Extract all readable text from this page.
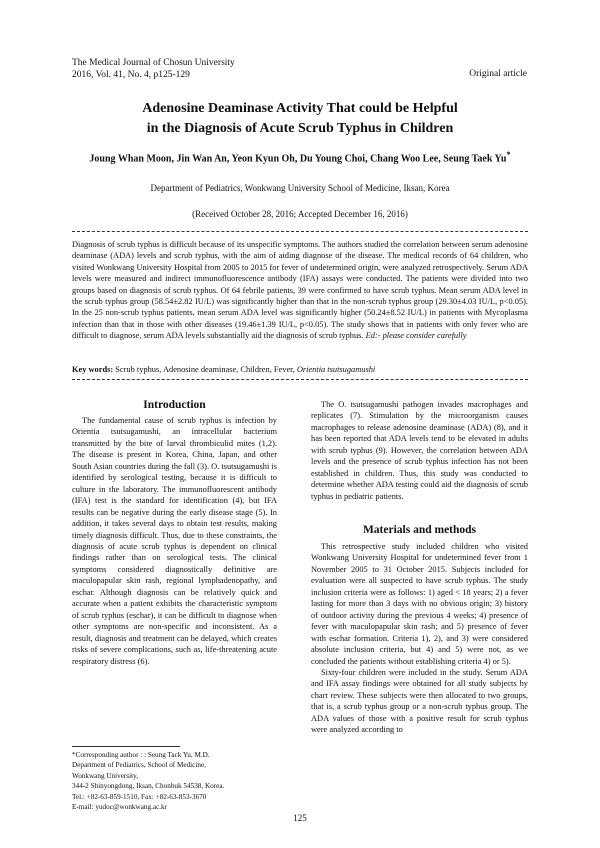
The Medical Journal of Chosun University
2016, Vol. 41, No. 4, p125-129	Original article
Adenosine Deaminase Activity That could be Helpful
in the Diagnosis of Acute Scrub Typhus in Children
Joung Whan Moon, Jin Wan An, Yeon Kyun Oh, Du Young Choi, Chang Woo Lee, Seung Taek Yu*
Department of Pediatrics, Wonkwang University School of Medicine, Iksan, Korea
(Received October 28, 2016; Accepted December 16, 2016)
Diagnosis of scrub typhus is difficult because of its unspecific symptoms. The authors studied the correlation between serum adenosine deaminase (ADA) levels and scrub typhus, with the aim of aiding diagnose of the disease. The medical records of 64 children, who visited Wonkwang University Hospital from 2005 to 2015 for fever of undetermined origin, were analyzed retrospectively. Serum ADA levels were measured and indirect immunofluorescence antibody (IFA) assays were conducted. The patients were divided into two groups based on diagnosis of scrub typhus. Of 64 febrile patients, 39 were confirmed to have scrub typhus. Mean serum ADA level in the scrub typhus group (58.54±2.82 IU/L) was significantly higher than that in the non-scrub typhus group (29.30±4.03 IU/L, p<0.05). In the 25 non-scrub typhus patients, mean serum ADA level was significantly higher (50.24±8.52 IU/L) in patients with Mycoplasma infection than that in those with other diseases (19.46±1.39 IU/L, p<0.05). The study shows that in patients with only fever who are difficult to diagnose, serum ADA levels substantially aid the diagnosis of scrub typhus. Ed:- please consider carefully
Key words: Scrub typhus, Adenosine deaminase, Children, Fever, Orientia tsutsugamushi
Introduction

The fundamental cause of scrub typhus is infection by Orientia tsutsugamushi, an intracellular bacterium transmitted by the bite of larval thrombiculid mites (1,2). The disease is present in Korea, China, Japan, and other South Asian countries during the fall (3). O. tsutsugamushi is identified by serological testing, because it is difficult to culture in the laboratory. The immunofluorescent antibody (IFA) test is the standard for identification (4), but IFA results can be negative during the early disease stage (5). In addition, it takes several days to obtain test results, making timely diagnosis difficult. Thus, due to these constraints, the diagnosis of acute scrub typhus is dependent on clinical findings rather than on serological tests. The clinical symptoms considered diagnostically definitive are maculopapular skin rash, regional lymphadenopathy, and eschar. Although diagnosis can be relatively quick and accurate when a patient exhibits the characteristic symptom of scrub typhus (eschar), it can be difficult to diagnose when other symptoms are non-specific and inconsistent. As a result, diagnosis and treatment can be delayed, which creates risks of severe complications, such as, life-threatening acute respiratory distress (6).

The O. tsutsugamushi pathogen invades macrophages and replicates (7). Stimulation by the microorganism causes macrophages to release adenosine deaminase (ADA) (8), and it has been reported that ADA levels tend to be elevated in adults with scrub typhus (9). However, the correlation between ADA levels and the presence of scrub typhus infection has not been established in children. Thus, this study was conducted to determine whether ADA testing could aid the diagnosis of scrub typhus in pediatric patients.

Materials and methods

This retrospective study included children who visited Wonkwang University Hospital for undetermined fever from 1 November 2005 to 31 October 2015. Subjects included for evaluation were all suspected to have scrub typhus. The study inclusion criteria were as follows: 1) aged < 18 years; 2) a fever lasting for more than 3 days with no obvious origin; 3) history of outdoor activity during the previous 4 weeks; 4) presence of fever with maculopapular skin rash; and 5) presence of fever with eschar formation. Criteria 1), 2), and 3) were considered absolute inclusion criteria, but 4) and 5) were not, as we concluded the patients without establishing criteria 4) or 5).

Sixty-four children were included in the study. Serum ADA and IFA assay findings were obtained for all study subjects by chart review. These subjects were then allocated to two groups, that is, a scrub typhus group or a non-scrub typhus group. The ADA values of those with a positive result for scrub typhus were analyzed according to

*Corresponding author : : Seung Tack Yu, M.D.
Department of Pediatrics, School of Medicine,
Wonkwang University,
344-2 Shinyongdong, Iksan, Chonbuk 54538, Korea.
Tel.: +82-63-859-1510, Fax: +82-63-853-3670
E-mail: yudoc@wonkwang.ac.kr
125
